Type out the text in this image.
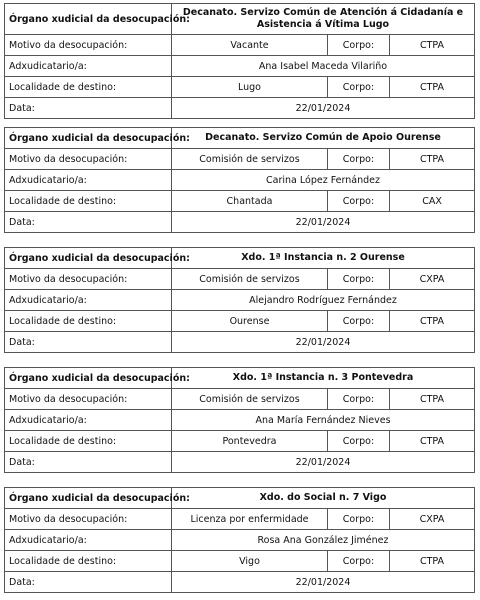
Órgano xudicial da desocupación:	Decanato. Servizo Común de Atención á Cidadanía e Asistencia á Vítima Lugo		
Motivo da desocupación:	Vacante	Corpo:	CTPA
Adxudicatario/a:	Ana Isabel Maceda Vilariño		
Localidade de destino:	Lugo	Corpo:	CTPA
Data:	22/01/2024		
Órgano xudicial da desocupación:	Decanato. Servizo Común de Apoio Ourense		
Motivo da desocupación:	Comisión de servizos	Corpo:	CTPA
Adxudicatario/a:	Carina López Fernández		
Localidade de destino:	Chantada	Corpo:	CAX
Data:	22/01/2024		
Órgano xudicial da desocupación:	Xdo. 1ª Instancia n. 2 Ourense		
Motivo da desocupación:	Comisión de servizos	Corpo:	CXPA
Adxudicatario/a:	Alejandro Rodríguez Fernández		
Localidade de destino:	Ourense	Corpo:	CTPA
Data:	22/01/2024		
Órgano xudicial da desocupación:	Xdo. 1ª Instancia n. 3 Pontevedra		
Motivo da desocupación:	Comisión de servizos	Corpo:	CTPA
Adxudicatario/a:	Ana María Fernández Nieves		
Localidade de destino:	Pontevedra	Corpo:	CTPA
Data:	22/01/2024		
Órgano xudicial da desocupación:	Xdo. do Social n. 7 Vigo		
Motivo da desocupación:	Licenza por enfermidade	Corpo:	CXPA
Adxudicatario/a:	Rosa Ana González Jiménez		
Localidade de destino:	Vigo	Corpo:	CTPA
Data:	22/01/2024		
